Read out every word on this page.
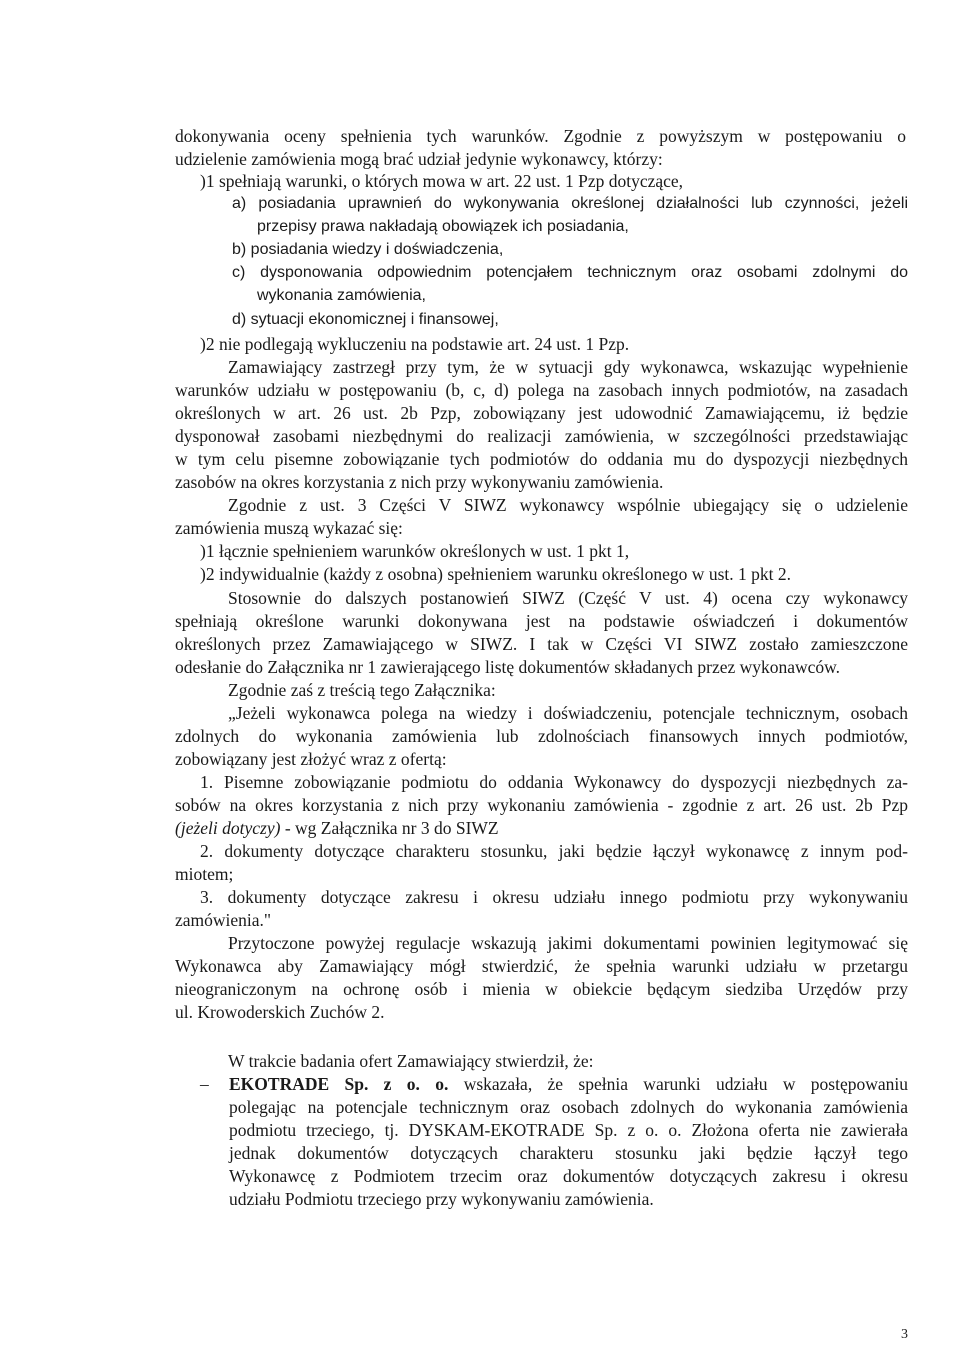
dokonywania oceny spełnienia tych warunków. Zgodnie z powyższym w postępowaniu o
udzielenie zamówienia mogą brać udział jedynie wykonawcy, którzy:
)1 spełniają warunki, o których mowa w art. 22 ust. 1 Pzp dotyczące,
a) posiadania uprawnień do wykonywania określonej działalności lub czynności, jeżeli
przepisy prawa nakładają obowiązek ich posiadania,
b) posiadania wiedzy i doświadczenia,
c) dysponowania odpowiednim potencjałem technicznym oraz osobami zdolnymi do
wykonania zamówienia,
d) sytuacji ekonomicznej i finansowej,
)2 nie podlegają wykluczeniu na podstawie art. 24 ust. 1 Pzp.
Zamawiający zastrzegł przy tym, że w sytuacji gdy wykonawca, wskazując wypełnienie
warunków udziału w postępowaniu (b, c, d) polega na zasobach innych podmiotów, na zasadach
określonych w art. 26 ust. 2b Pzp, zobowiązany jest udowodnić Zamawiającemu, iż będzie
dysponował zasobami niezbędnymi do realizacji zamówienia, w szczególności przedstawiając
w tym celu pisemne zobowiązanie tych podmiotów do oddania mu do dyspozycji niezbędnych
zasobów na okres korzystania z nich przy wykonywaniu zamówienia.
Zgodnie z ust. 3 Części V SIWZ wykonawcy wspólnie ubiegający się o udzielenie
zamówienia muszą wykazać się:
)1 łącznie spełnieniem warunków określonych w ust. 1 pkt 1,
)2 indywidualnie (każdy z osobna) spełnieniem warunku określonego w ust. 1 pkt 2.
Stosownie do dalszych postanowień SIWZ (Część V ust. 4) ocena czy wykonawcy
spełniają określone warunki dokonywana jest na podstawie oświadczeń i dokumentów
określonych przez Zamawiającego w SIWZ. I tak w Części VI SIWZ zostało zamieszczone
odesłanie do Załącznika nr 1 zawierającego listę dokumentów składanych przez wykonawców.
Zgodnie zaś z treścią tego Załącznika:
„Jeżeli wykonawca polega na wiedzy i doświadczeniu, potencjale technicznym, osobach
zdolnych do wykonania zamówienia lub zdolnościach finansowych innych podmiotów,
zobowiązany jest złożyć wraz z ofertą:
1. Pisemne zobowiązanie podmiotu do oddania Wykonawcy do dyspozycji niezbędnych za-
sobów na okres korzystania z nich przy wykonaniu zamówienia - zgodnie z art. 26 ust. 2b Pzp
(jeżeli dotyczy) - wg Załącznika nr 3 do SIWZ
2. dokumenty dotyczące charakteru stosunku, jaki będzie łączył wykonawcę z innym pod-
miotem;
3. dokumenty dotyczące zakresu i okresu udziału innego podmiotu przy wykonywaniu
zamówienia."
Przytoczone powyżej regulacje wskazują jakimi dokumentami powinien legitymować się
Wykonawca aby Zamawiający mógł stwierdzić, że spełnia warunki udziału w przetargu
nieograniczonym na ochronę osób i mienia w obiekcie będącym siedziba Urzędów przy
ul. Krowoderskich Zuchów 2.
W trakcie badania ofert Zamawiający stwierdził, że:
– EKOTRADE Sp. z o. o. wskazała, że spełnia warunki udziału w postępowaniu
polegając na potencjale technicznym oraz osobach zdolnych do wykonania zamówienia
podmiotu trzeciego, tj. DYSKAM-EKOTRADE Sp. z o. o. Złożona oferta nie zawierała
jednak dokumentów dotyczących charakteru stosunku jaki będzie łączył tego
Wykonawcę z Podmiotem trzecim oraz dokumentów dotyczących zakresu i okresu
udziału Podmiotu trzeciego przy wykonywaniu zamówienia.
3
